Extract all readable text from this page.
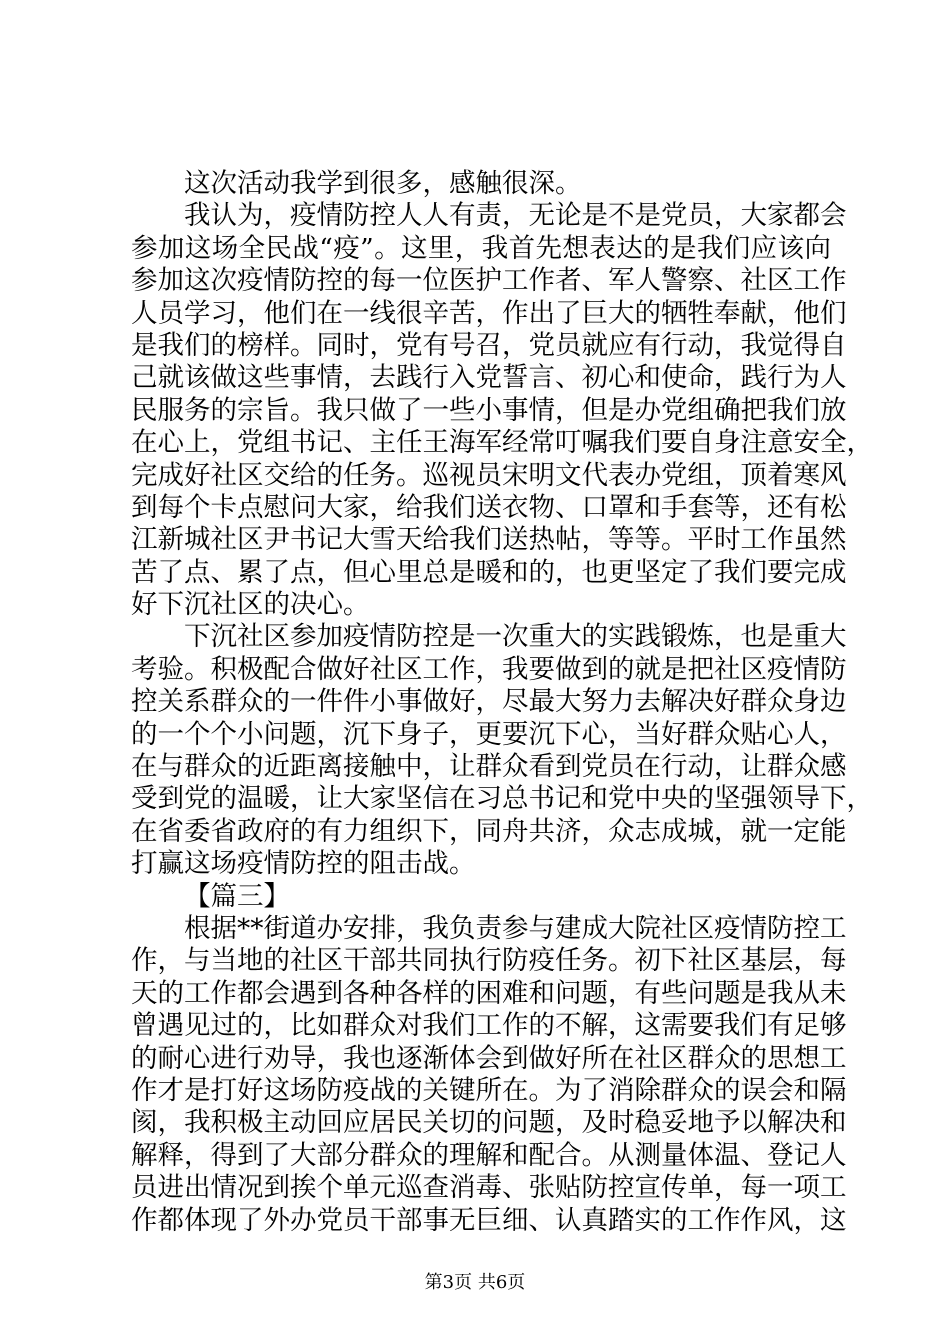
这次活动我学到很多，感触很深。
我认为，疫情防控人人有责，无论是不是党员，大家都会
参加这场全民战“疫”。这里，我首先想表达的是我们应该向
参加这次疫情防控的每一位医护工作者、军人警察、社区工作
人员学习，他们在一线很辛苦，作出了巨大的牺牲奉献，他们
是我们的榜样。同时，党有号召，党员就应有行动，我觉得自
己就该做这些事情，去践行入党誓言、初心和使命，践行为人
民服务的宗旨。我只做了一些小事情，但是办党组确把我们放
在心上，党组书记、主任王海军经常叮嘱我们要自身注意安全，
完成好社区交给的任务。巡视员宋明文代表办党组，顶着寒风
到每个卡点慰问大家，给我们送衣物、口罩和手套等，还有松
江新城社区尹书记大雪天给我们送热帖，等等。平时工作虽然
苦了点、累了点，但心里总是暖和的，也更坚定了我们要完成
好下沉社区的决心。
下沉社区参加疫情防控是一次重大的实践锻炼，也是重大
考验。积极配合做好社区工作，我要做到的就是把社区疫情防
控关系群众的一件件小事做好，尽最大努力去解决好群众身边
的一个个小问题，沉下身子，更要沉下心，当好群众贴心人，
在与群众的近距离接触中，让群众看到党员在行动，让群众感
受到党的温暖，让大家坚信在习总书记和党中央的坚强领导下，
在省委省政府的有力组织下，同舟共济，众志成城，就一定能
打赢这场疫情防控的阻击战。
【篇三】
根据**街道办安排，我负责参与建成大院社区疫情防控工
作，与当地的社区干部共同执行防疫任务。初下社区基层，每
天的工作都会遇到各种各样的困难和问题，有些问题是我从未
曾遇见过的，比如群众对我们工作的不解，这需要我们有足够
的耐心进行劝导，我也逐渐体会到做好所在社区群众的思想工
作才是打好这场防疫战的关键所在。为了消除群众的误会和隔
阂，我积极主动回应居民关切的问题，及时稳妥地予以解决和
解释，得到了大部分群众的理解和配合。从测量体温、登记人
员进出情况到挨个单元巡查消毒、张贴防控宣传单，每一项工
作都体现了外办党员干部事无巨细、认真踏实的工作作风，这
第3页 共6页
